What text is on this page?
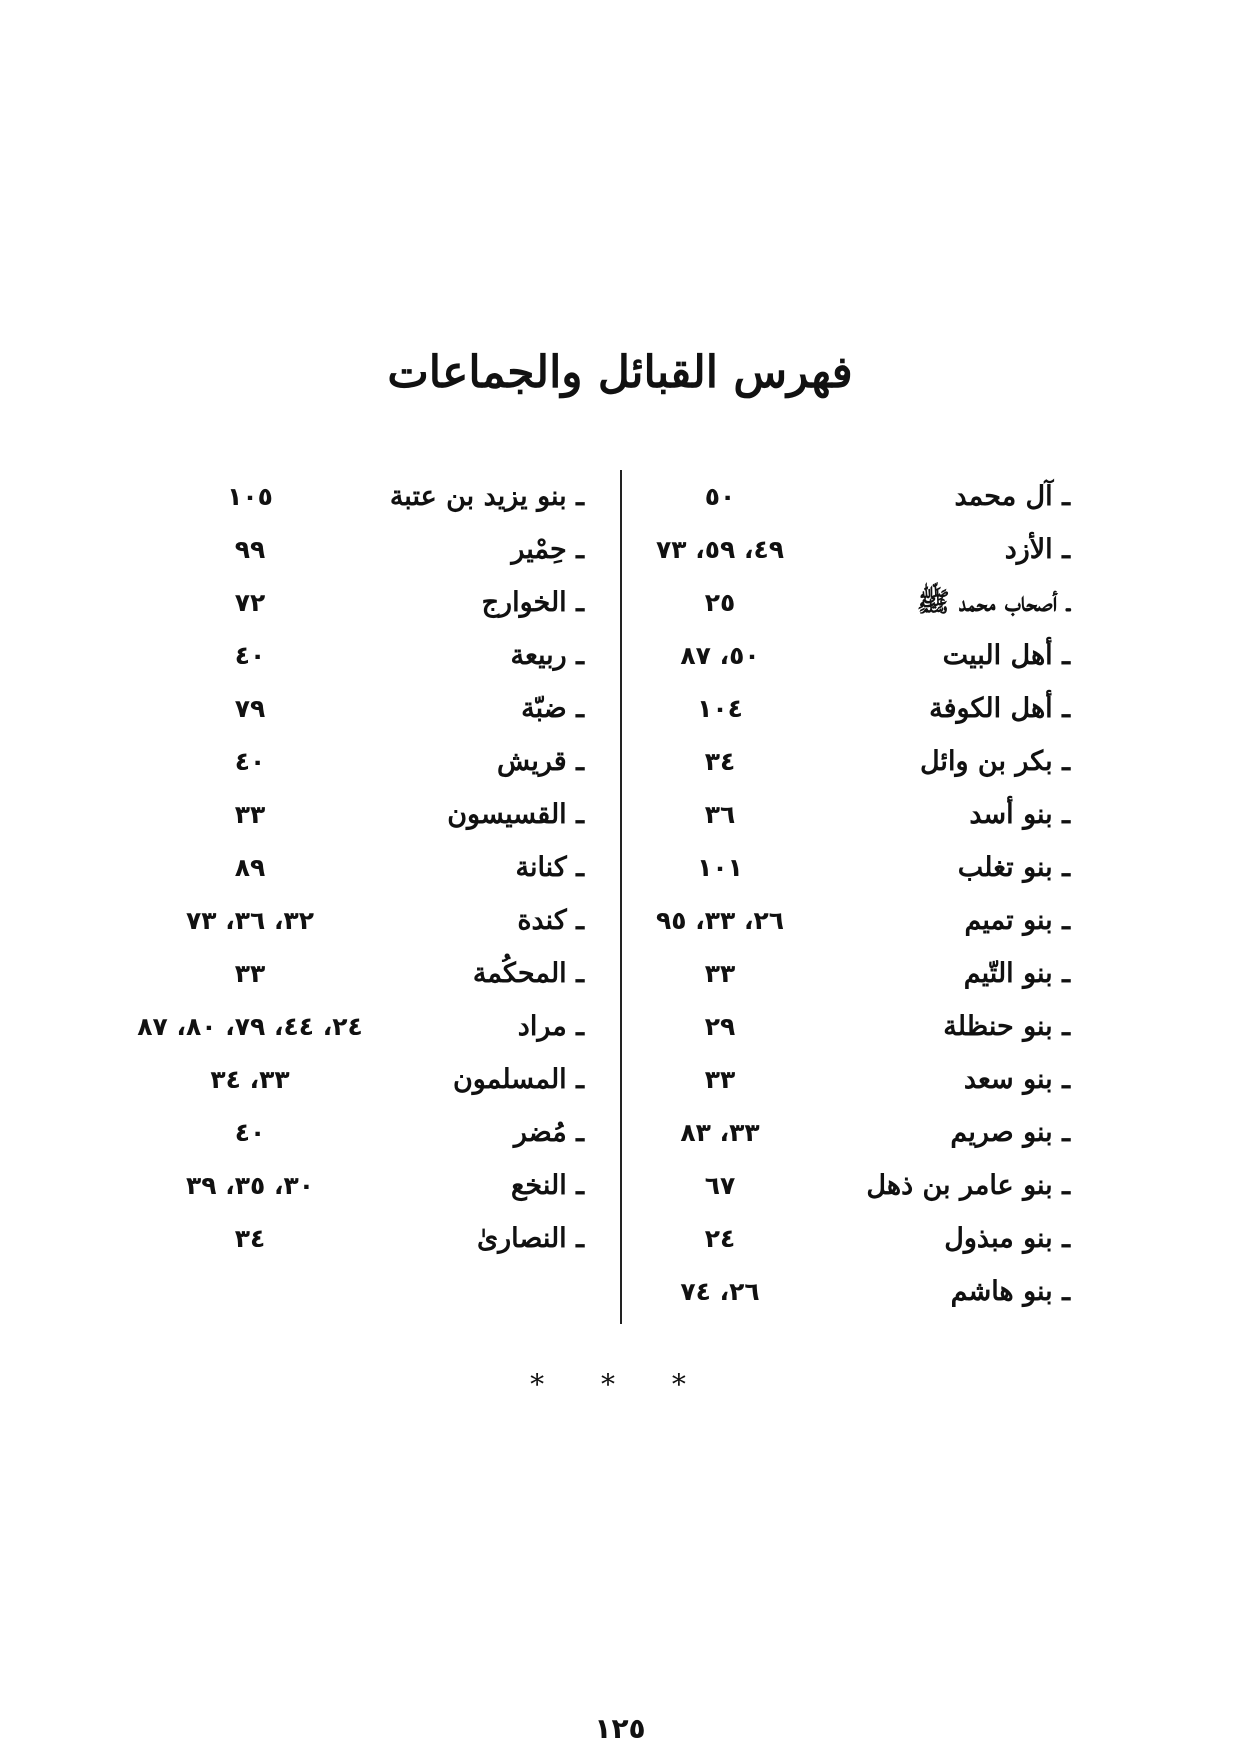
فهرس القبائل والجماعات
ـ آل محمد
٥٠
ـ الأزد
٤٩، ٥٩، ٧٣
ـ أصحاب محمد ﷺ
٢٥
ـ أهل البيت
٥٠، ٨٧
ـ أهل الكوفة
١٠٤
ـ بكر بن وائل
٣٤
ـ بنو أسد
٣٦
ـ بنو تغلب
١٠١
ـ بنو تميم
٢٦، ٣٣، ٩٥
ـ بنو التّيم
٣٣
ـ بنو حنظلة
٢٩
ـ بنو سعد
٣٣
ـ بنو صريم
٣٣، ٨٣
ـ بنو عامر بن ذهل
٦٧
ـ بنو مبذول
٢٤
ـ بنو هاشم
٢٦، ٧٤
ـ بنو يزيد بن عتبة
١٠٥
ـ حِمْير
٩٩
ـ الخوارج
٧٢
ـ ربيعة
٤٠
ـ ضبّة
٧٩
ـ قريش
٤٠
ـ القسيسون
٣٣
ـ كنانة
٨٩
ـ كندة
٣٢، ٣٦، ٧٣
ـ المحكُمة
٣٣
ـ مراد
٢٤، ٤٤، ٧٩، ٨٠، ٨٧
ـ المسلمون
٣٣، ٣٤
ـ مُضر
٤٠
ـ النخع
٣٠، ٣٥، ٣٩
ـ النصارىٰ
٣٤
* * *
١٢٥
